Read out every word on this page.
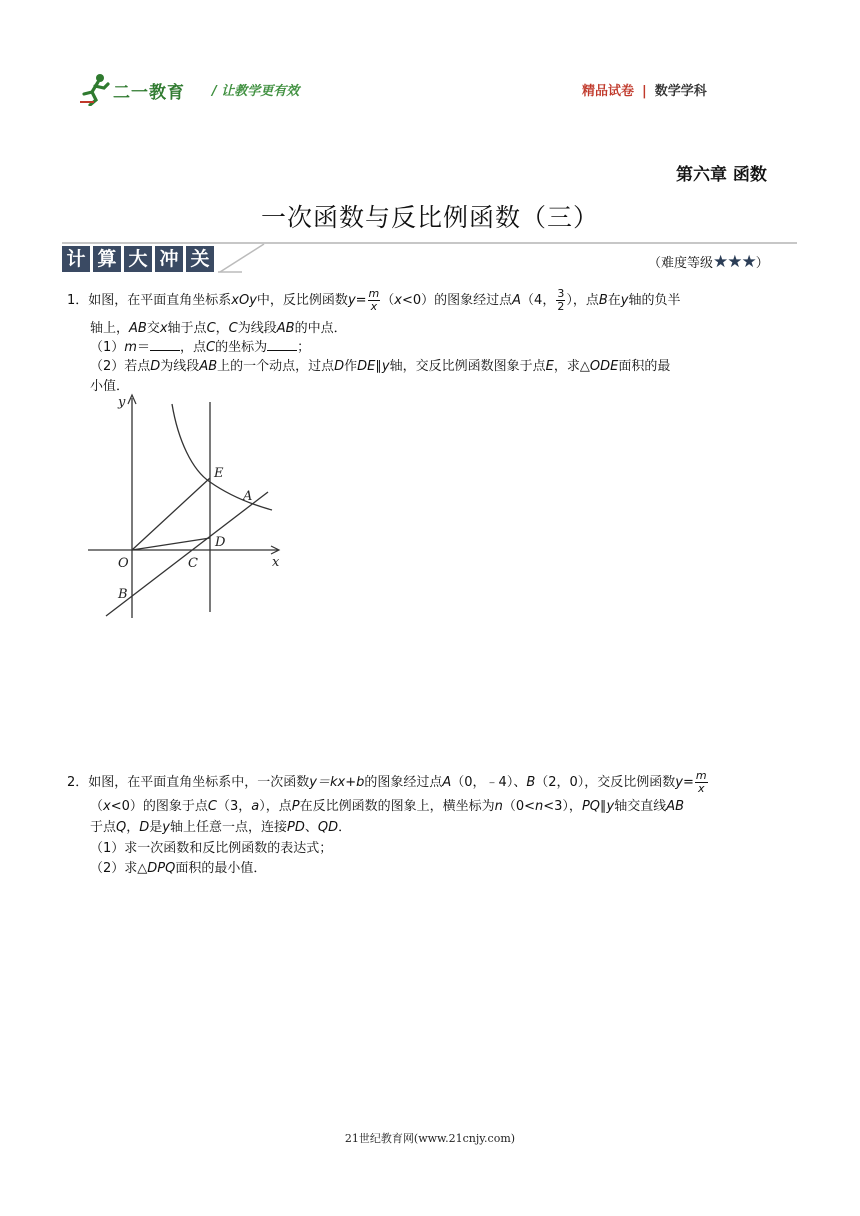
二一教育 / 让教学更有效	精品试卷 | 数学学科
第六章 函数
一次函数与反比例函数（三）
计 算 大 冲 关	（难度等级★★★）
1．如图，在平面直角坐标系xOy中，反比例函数$y= \frac{m}{x} (x<0)$的图象经过点A（4， $\frac{3}{2}$ ），点B在y轴的负半
轴上，AB交x轴于点C，C为线段AB的中点．
（1）m＝ ，点C的坐标为 ；
（2）若点D为线段AB上的一个动点，过点D作DE∥y轴，交反比例函数图象于点E，求△ODE面积的最
小值．
y
x
O	C
D
E
A
B
2．如图，在平面直角坐标系中，一次函数y＝kx+b的图象经过点A（0，﹣4）、B（2，0），交反比例函数$y= \frac{m}{x}$
（x<0）的图象于点C（3，a），点P在反比例函数的图象上，横坐标为n（0<n<3），PQ∥y轴交直线AB
于点Q，D是y轴上任意一点，连接PD、QD．
（1）求一次函数和反比例函数的表达式；
（2）求△DPQ面积的最小值．
21世纪教育网(www.21cnjy.com)
